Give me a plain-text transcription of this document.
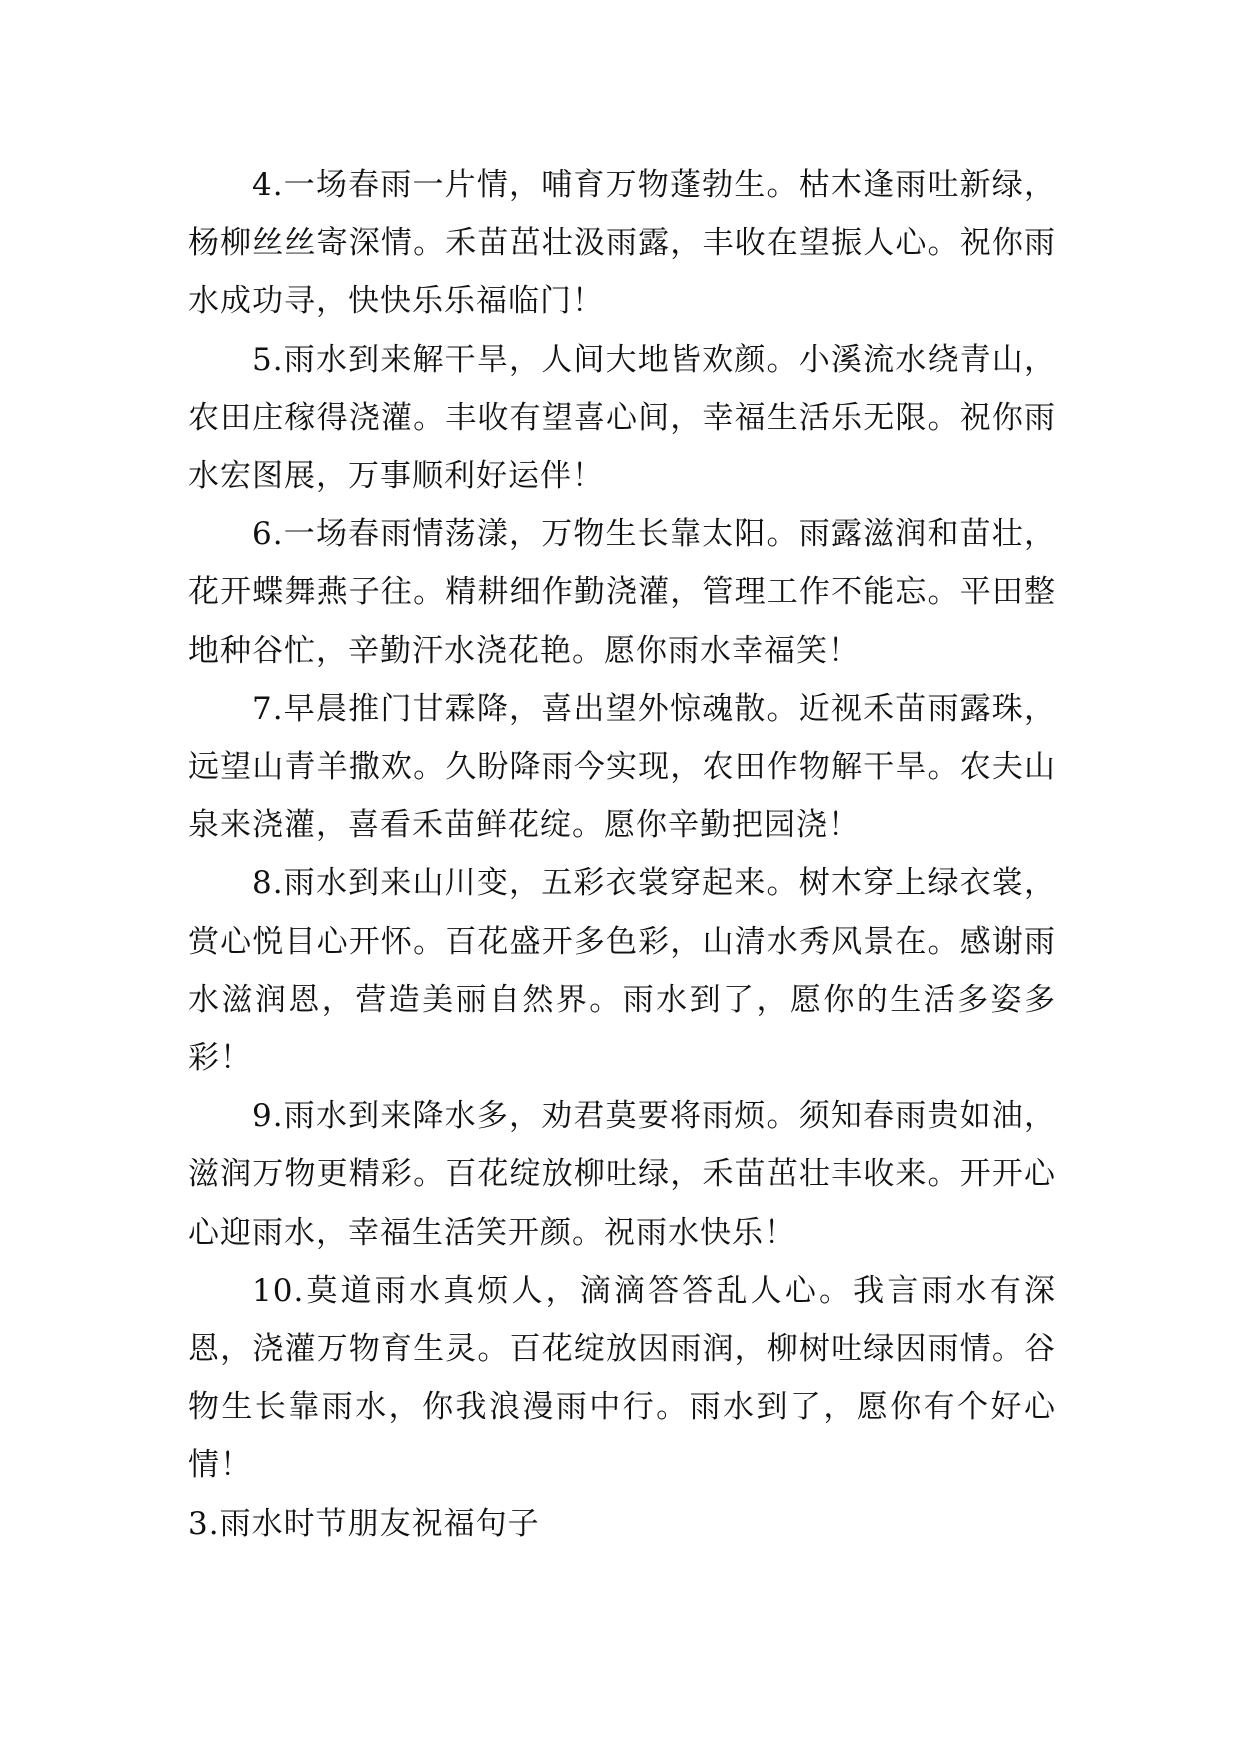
4.一场春雨一片情，哺育万物蓬勃生。枯木逢雨吐新绿，杨柳丝丝寄深情。禾苗茁壮汲雨露，丰收在望振人心。祝你雨水成功寻，快快乐乐福临门！

5.雨水到来解干旱，人间大地皆欢颜。小溪流水绕青山，农田庄稼得浇灌。丰收有望喜心间，幸福生活乐无限。祝你雨水宏图展，万事顺利好运伴！

6.一场春雨情荡漾，万物生长靠太阳。雨露滋润和苗壮，花开蝶舞燕子往。精耕细作勤浇灌，管理工作不能忘。平田整地种谷忙，辛勤汗水浇花艳。愿你雨水幸福笑！

7.早晨推门甘霖降，喜出望外惊魂散。近视禾苗雨露珠，远望山青羊撒欢。久盼降雨今实现，农田作物解干旱。农夫山泉来浇灌，喜看禾苗鲜花绽。愿你辛勤把园浇！

8.雨水到来山川变，五彩衣裳穿起来。树木穿上绿衣裳，赏心悦目心开怀。百花盛开多色彩，山清水秀风景在。感谢雨水滋润恩，营造美丽自然界。雨水到了，愿你的生活多姿多彩！

9.雨水到来降水多，劝君莫要将雨烦。须知春雨贵如油，滋润万物更精彩。百花绽放柳吐绿，禾苗茁壮丰收来。开开心心迎雨水，幸福生活笑开颜。祝雨水快乐！

10.莫道雨水真烦人，滴滴答答乱人心。我言雨水有深恩，浇灌万物育生灵。百花绽放因雨润，柳树吐绿因雨情。谷物生长靠雨水，你我浪漫雨中行。雨水到了，愿你有个好心情！

3.雨水时节朋友祝福句子
